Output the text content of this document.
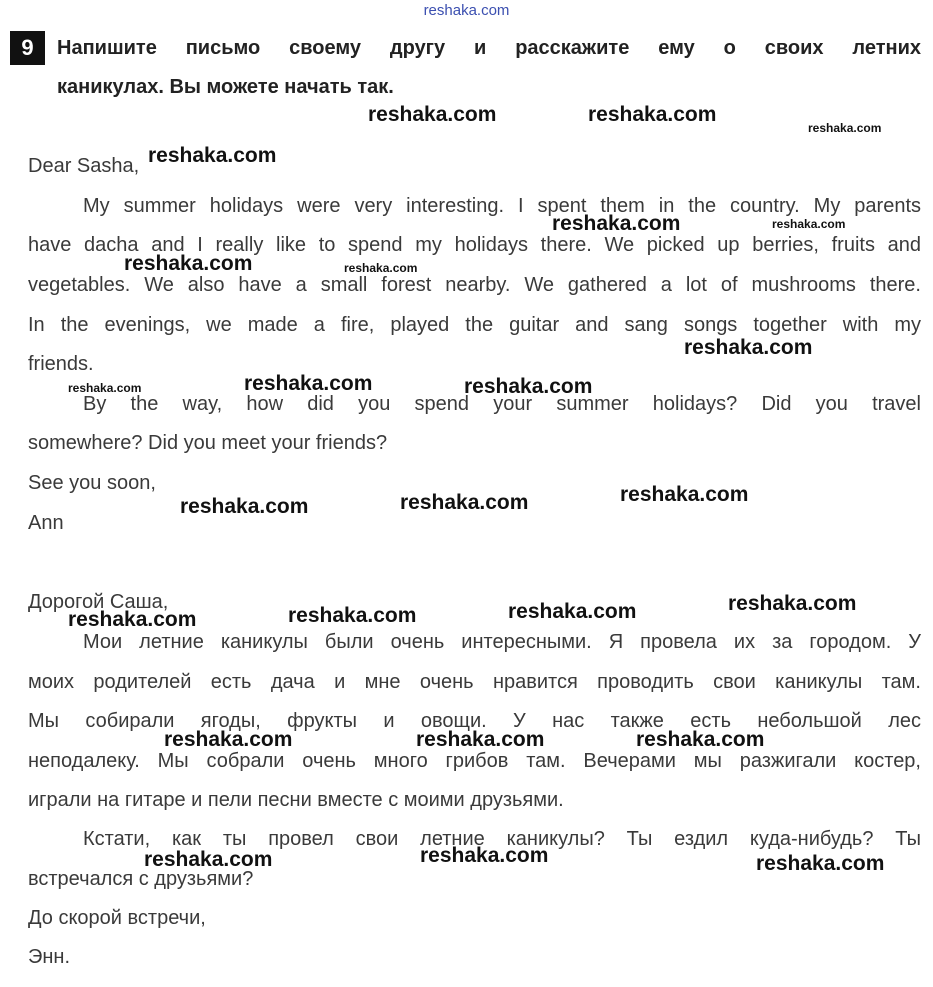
reshaka.com
9	Напишите письмо своему другу и расскажите ему о своих летних
каникулах. Вы можете начать так.
Dear Sasha,
My summer holidays were very interesting. I spent them in the country. My parents
have dacha and I really like to spend my holidays there. We picked up berries, fruits and
vegetables. We also have a small forest nearby. We gathered a lot of mushrooms there.
In the evenings, we made a fire, played the guitar and sang songs together with my
friends.
By the way, how did you spend your summer holidays? Did you travel
somewhere? Did you meet your friends?
See you soon,
Ann
Дорогой Саша,
Мои летние каникулы были очень интересными. Я провела их за городом. У
моих родителей есть дача и мне очень нравится проводить свои каникулы там.
Мы собирали ягоды, фрукты и овощи. У нас также есть небольшой лес
неподалеку. Мы собрали очень много грибов там. Вечерами мы разжигали костер,
играли на гитаре и пели песни вместе с моими друзьями.
Кстати, как ты провел свои летние каникулы? Ты ездил куда-нибудь? Ты
встречался с друзьями?
До скорой встречи,
Энн.
reshaka.com	reshaka.com
reshaka.com
reshaka.com
reshaka.com	reshaka.com
reshaka.com	reshaka.com
reshaka.com
reshaka.com	reshaka.com	reshaka.com
reshaka.com
reshaka.com
reshaka.com
reshaka.com
reshaka.com
reshaka.com
reshaka.com
reshaka.com	reshaka.com	reshaka.com
reshaka.com	reshaka.com	reshaka.com
